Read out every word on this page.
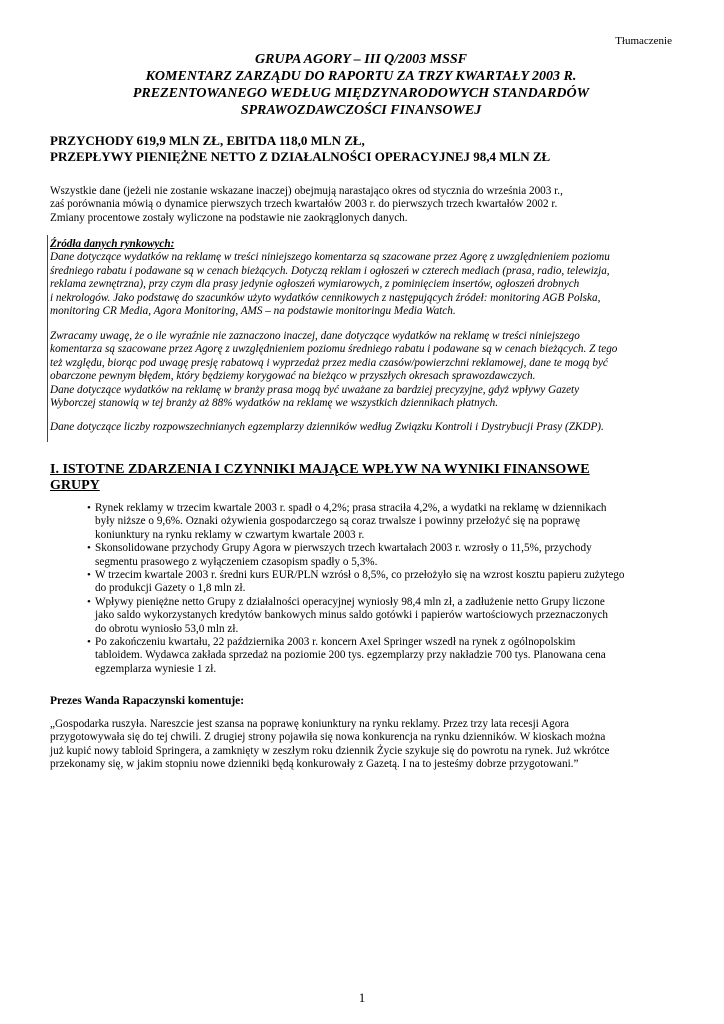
Tłumaczenie
GRUPA AGORY – III Q/2003 MSSF
KOMENTARZ ZARZĄDU DO RAPORTU ZA TRZY KWARTAŁY 2003 R.
PREZENTOWANEGO WEDŁUG MIĘDZYNARODOWYCH STANDARDÓW
SPRAWOZDAWCZOŚCI FINANSOWEJ
PRZYCHODY 619,9 MLN ZŁ, EBITDA 118,0 MLN ZŁ,
PRZEPŁYWY PIENIĘŻNE NETTO Z DZIAŁALNOŚCI OPERACYJNEJ 98,4 MLN ZŁ
Wszystkie dane (jeżeli nie zostanie wskazane inaczej) obejmują narastająco okres od stycznia do września 2003 r.,
zaś porównania mówią o dynamice pierwszych trzech kwartałów 2003 r. do pierwszych trzech kwartałów 2002 r.
Zmiany procentowe zostały wyliczone na podstawie nie zaokrąglonych danych.
Źródła danych rynkowych:
Dane dotyczące wydatków na reklamę w treści niniejszego komentarza są szacowane przez Agorę z uwzględnieniem poziomu
średniego rabatu i podawane są w cenach bieżących. Dotyczą reklam i ogłoszeń w czterech mediach (prasa, radio, telewizja,
reklama zewnętrzna), przy czym dla prasy jedynie ogłoszeń wymiarowych, z pominięciem insertów, ogłoszeń drobnych
i nekrologów. Jako podstawę do szacunków użyto wydatków cennikowych z następujących źródeł: monitoring AGB Polska,
monitoring CR Media, Agora Monitoring, AMS – na podstawie monitoringu Media Watch.
Zwracamy uwagę, że o ile wyraźnie nie zaznaczono inaczej, dane dotyczące wydatków na reklamę w treści niniejszego
komentarza są szacowane przez Agorę z uwzględnieniem poziomu średniego rabatu i podawane są w cenach bieżących. Z tego
też względu, biorąc pod uwagę presję rabatową i wyprzedaż przez media czasów/powierzchni reklamowej, dane te mogą być
obarczone pewnym błędem, który będziemy korygować na bieżąco w przyszłych okresach sprawozdawczych.
Dane dotyczące wydatków na reklamę w branży prasa mogą być uważane za bardziej precyzyjne, gdyż wpływy Gazety
Wyborczej stanowią w tej branży aż 88% wydatków na reklamę we wszystkich dziennikach płatnych.
Dane dotyczące liczby rozpowszechnianych egzemplarzy dzienników według Związku Kontroli i Dystrybucji Prasy (ZKDP).
I. ISTOTNE ZDARZENIA I CZYNNIKI MAJĄCE WPŁYW NA WYNIKI FINANSOWE
GRUPY
• Rynek reklamy w trzecim kwartale 2003 r. spadł o 4,2%; prasa straciła 4,2%, a wydatki na reklamę w dziennikach
były niższe o 9,6%. Oznaki ożywienia gospodarczego są coraz trwalsze i powinny przełożyć się na poprawę
koniunktury na rynku reklamy w czwartym kwartale 2003 r.
• Skonsolidowane przychody Grupy Agora w pierwszych trzech kwartałach 2003 r. wzrosły o 11,5%, przychody
segmentu prasowego z wyłączeniem czasopism spadły o 5,3%.
• W trzecim kwartale 2003 r. średni kurs EUR/PLN wzrósł o 8,5%, co przełożyło się na wzrost kosztu papieru zużytego
do produkcji Gazety o 1,8 mln zł.
• Wpływy pieniężne netto Grupy z działalności operacyjnej wyniosły 98,4 mln zł, a zadłużenie netto Grupy liczone
jako saldo wykorzystanych kredytów bankowych minus saldo gotówki i papierów wartościowych przeznaczonych
do obrotu wyniosło 53,0 mln zł.
• Po zakończeniu kwartału, 22 października 2003 r. koncern Axel Springer wszedł na rynek z ogólnopolskim
tabloidem. Wydawca zakłada sprzedaż na poziomie 200 tys. egzemplarzy przy nakładzie 700 tys. Planowana cena
egzemplarza wyniesie 1 zł.
Prezes Wanda Rapaczynski komentuje:
„Gospodarka ruszyła. Nareszcie jest szansa na poprawę koniunktury na rynku reklamy. Przez trzy lata recesji Agora
przygotowywała się do tej chwili. Z drugiej strony pojawiła się nowa konkurencja na rynku dzienników. W kioskach można
już kupić nowy tabloid Springera, a zamknięty w zeszłym roku dziennik Życie szykuje się do powrotu na rynek. Już wkrótce
przekonamy się, w jakim stopniu nowe dzienniki będą konkurowały z Gazetą. I na to jesteśmy dobrze przygotowani.”
1
